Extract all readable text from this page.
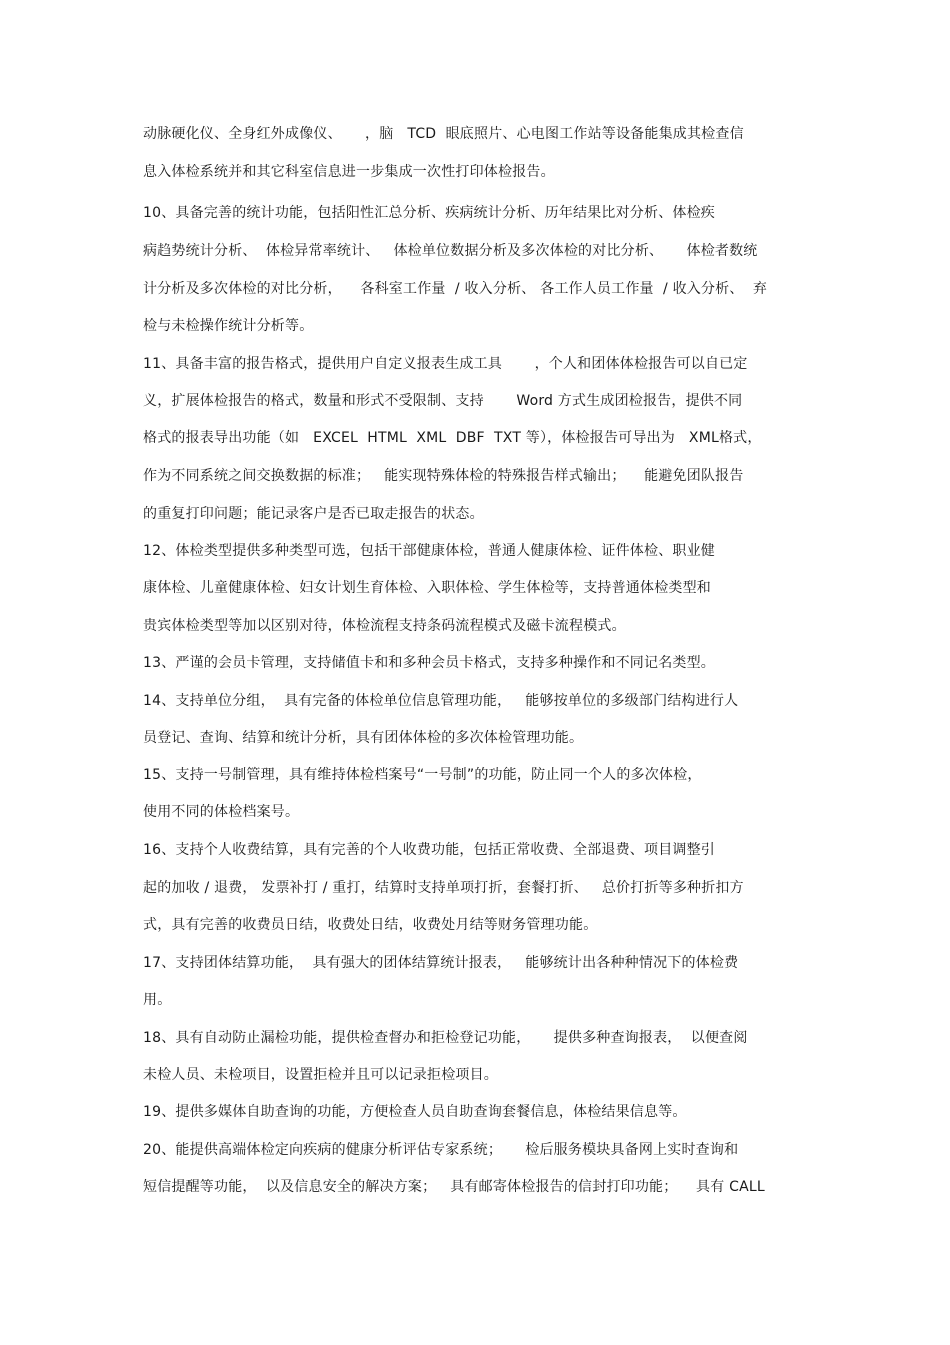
动脉硬化仪、全身红外成像仪、     ，脑   TCD  眼底照片、心电图工作站等设备能集成其检查信
息入体检系统并和其它科室信息进一步集成一次性打印体检报告。
10、具备完善的统计功能，包括阳性汇总分析、疾病统计分析、历年结果比对分析、体检疾
病趋势统计分析、  体检异常率统计、   体检单位数据分析及多次体检的对比分析、     体检者数统
计分析及多次体检的对比分析，    各科室工作量  / 收入分析、 各工作人员工作量  / 收入分析、  弃
检与未检操作统计分析等。
11、具备丰富的报告格式，提供用户自定义报表生成工具       ，个人和团体体检报告可以自已定
义，扩展体检报告的格式，数量和形式不受限制、支持       Word 方式生成团检报告，提供不同
格式的报表导出功能（如   EXCEL  HTML  XML  DBF  TXT 等），体检报告可导出为   XML格式，
作为不同系统之间交换数据的标准；   能实现特殊体检的特殊报告样式输出；    能避免团队报告
的重复打印问题；能记录客户是否已取走报告的状态。
12、体检类型提供多种类型可选，包括干部健康体检，普通人健康体检、证件体检、职业健
康体检、儿童健康体检、妇女计划生育体检、入职体检、学生体检等，支持普通体检类型和
贵宾体检类型等加以区别对待，体检流程支持条码流程模式及磁卡流程模式。
13、严谨的会员卡管理，支持储值卡和和多种会员卡格式，支持多种操作和不同记名类型。
14、支持单位分组，  具有完备的体检单位信息管理功能，   能够按单位的多级部门结构进行人
员登记、查询、结算和统计分析，具有团体体检的多次体检管理功能。
15、支持一号制管理，具有维持体检档案号“一号制”的功能，防止同一个人的多次体检，
使用不同的体检档案号。
16、支持个人收费结算，具有完善的个人收费功能，包括正常收费、全部退费、项目调整引
起的加收 / 退费， 发票补打 / 重打，结算时支持单项打折，套餐打折、   总价打折等多种折扣方
式，具有完善的收费员日结，收费处日结，收费处月结等财务管理功能。
17、支持团体结算功能，  具有强大的团体结算统计报表，   能够统计出各种种情况下的体检费
用。
18、具有自动防止漏检功能，提供检查督办和拒检登记功能，     提供多种查询报表，  以便查阅
未检人员、未检项目，设置拒检并且可以记录拒检项目。
19、提供多媒体自助查询的功能，方便检查人员自助查询套餐信息，体检结果信息等。
20、能提供高端体检定向疾病的健康分析评估专家系统；     检后服务模块具备网上实时查询和
短信提醒等功能，  以及信息安全的解决方案；   具有邮寄体检报告的信封打印功能；    具有 CALL
